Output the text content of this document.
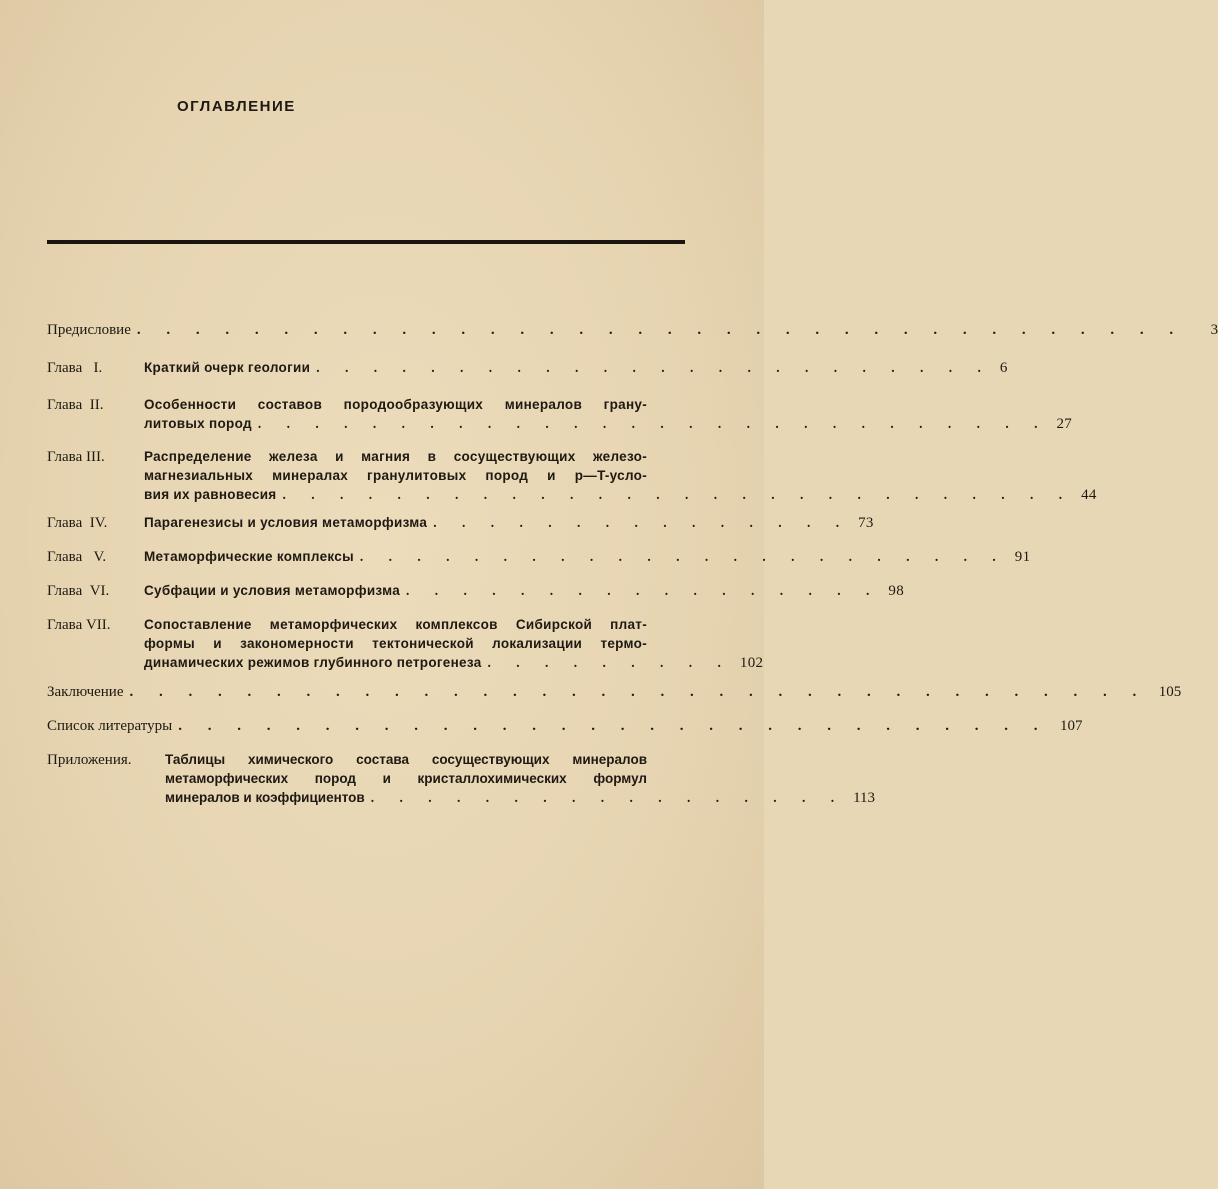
ОГЛАВЛЕНИЕ
Предисловие . . . . . . . . . . . . . . . . . . . . . . . . . . . . . . . . . . . .	3
Глава   I.	Краткий очерк геологии . . . . . . . . . . . . . . . . . . . . . . . . 6
Глава  II.	Особенности составов породообразующих минералов грану-
литовых пород . . . . . . . . . . . . . . . . . . . . . . . . . . . . 27
Глава III.	Распределение железа и магния в сосуществующих железо-
магнезиальных минералах гранулитовых пород и p—T-усло-
вия их равновесия . . . . . . . . . . . . . . . . . . . . . . . . . . . . 44
Глава  IV.	Парагенезисы и условия метаморфизма . . . . . . . . . . . . . . . 73
Глава   V.	Метаморфические комплексы . . . . . . . . . . . . . . . . . . . . . . . 91
Глава  VI.	Субфации и условия метаморфизма . . . . . . . . . . . . . . . . . 98
Глава VII. Сопоставление метаморфических комплексов Сибирской плат-
формы и закономерности тектонической локализации термо-
динамических режимов глубинного петрогенеза . . . . . . . . . 102
Заключение . . . . . . . . . . . . . . . . . . . . . . . . . . . . . . . . . . . 105
Список литературы . . . . . . . . . . . . . . . . . . . . . . . . . . . . . . 107
Приложения. Таблицы химического состава сосуществующих минералов
метаморфических пород и кристаллохимических формул
минералов и коэффициентов . . . . . . . . . . . . . . . . . 113
